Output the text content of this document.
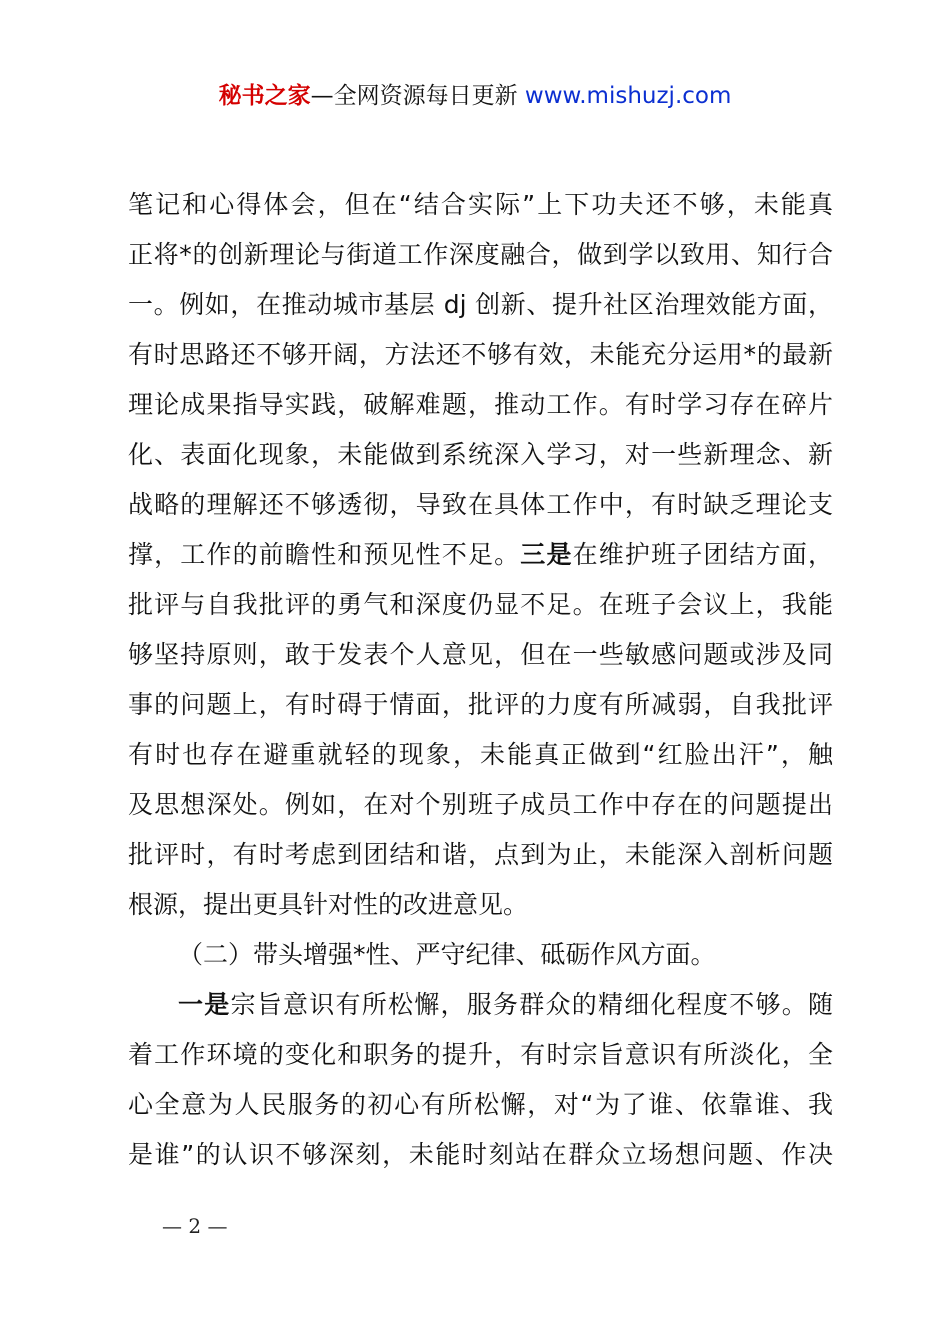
秘书之家—全网资源每日更新 www.mishuzj.com
笔记和心得体会，但在“结合实际”上下功夫还不够，未能真
正将*的创新理论与街道工作深度融合，做到学以致用、知行合
一。例如，在推动城市基层 dj 创新、提升社区治理效能方面，
有时思路还不够开阔，方法还不够有效，未能充分运用*的最新
理论成果指导实践，破解难题，推动工作。有时学习存在碎片
化、表面化现象，未能做到系统深入学习，对一些新理念、新
战略的理解还不够透彻，导致在具体工作中，有时缺乏理论支
撑，工作的前瞻性和预见性不足。三是在维护班子团结方面，
批评与自我批评的勇气和深度仍显不足。在班子会议上，我能
够坚持原则，敢于发表个人意见，但在一些敏感问题或涉及同
事的问题上，有时碍于情面，批评的力度有所减弱，自我批评
有时也存在避重就轻的现象，未能真正做到“红脸出汗”，触
及思想深处。例如，在对个别班子成员工作中存在的问题提出
批评时，有时考虑到团结和谐，点到为止，未能深入剖析问题
根源，提出更具针对性的改进意见。
（二）带头增强*性、严守纪律、砥砺作风方面。
一是宗旨意识有所松懈，服务群众的精细化程度不够。随
着工作环境的变化和职务的提升，有时宗旨意识有所淡化，全
心全意为人民服务的初心有所松懈，对“为了谁、依靠谁、我
是谁”的认识不够深刻，未能时刻站在群众立场想问题、作决
— 2 —
